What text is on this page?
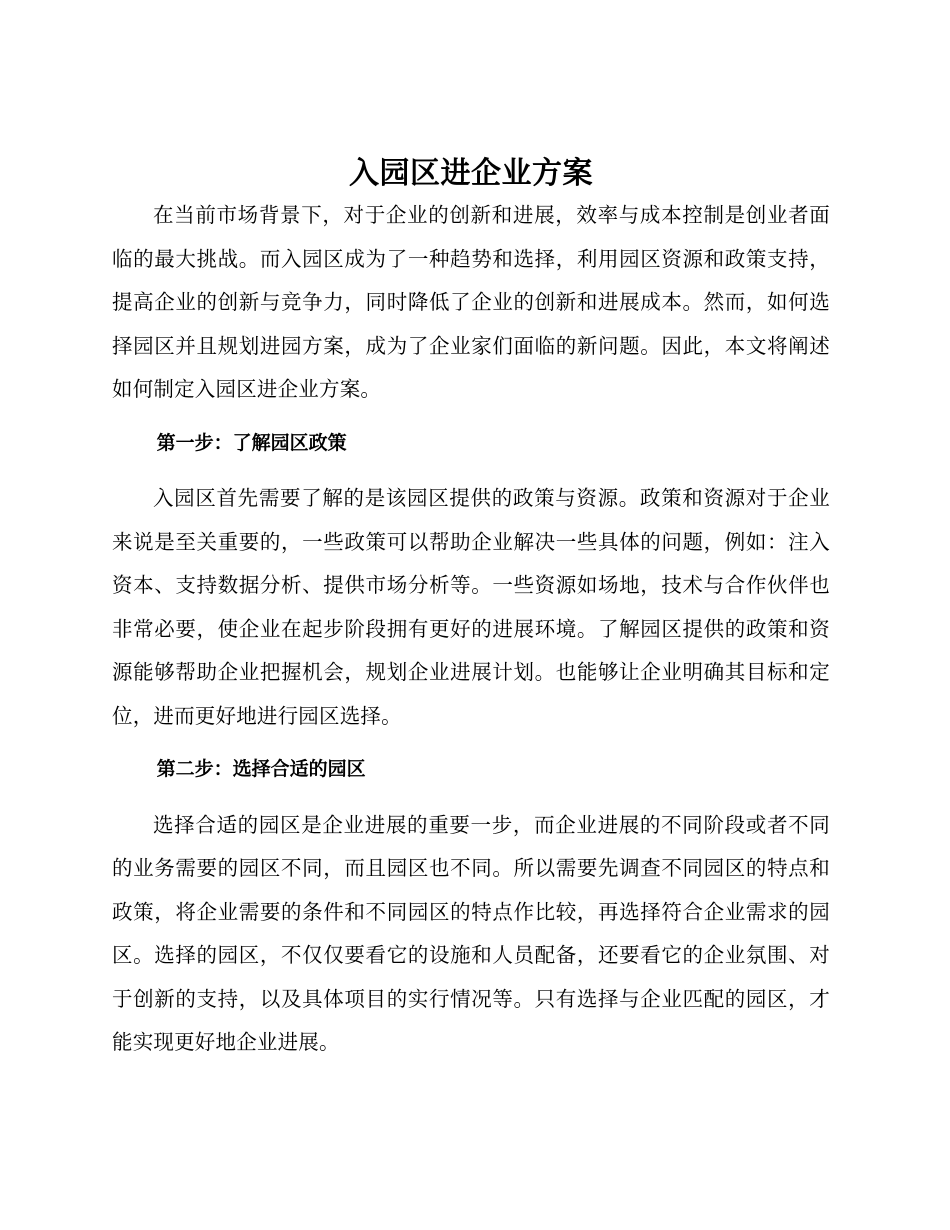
入园区进企业方案

在当前市场背景下，对于企业的创新和进展，效率与成本控制是创业者面临的最大挑战。而入园区成为了一种趋势和选择，利用园区资源和政策支持，提高企业的创新与竞争力，同时降低了企业的创新和进展成本。然而，如何选择园区并且规划进园方案，成为了企业家们面临的新问题。因此，本文将阐述如何制定入园区进企业方案。

第一步：了解园区政策

入园区首先需要了解的是该园区提供的政策与资源。政策和资源对于企业来说是至关重要的，一些政策可以帮助企业解决一些具体的问题，例如：注入资本、支持数据分析、提供市场分析等。一些资源如场地，技术与合作伙伴也非常必要，使企业在起步阶段拥有更好的进展环境。了解园区提供的政策和资源能够帮助企业把握机会，规划企业进展计划。也能够让企业明确其目标和定位，进而更好地进行园区选择。

第二步：选择合适的园区

选择合适的园区是企业进展的重要一步，而企业进展的不同阶段或者不同的业务需要的园区不同，而且园区也不同。所以需要先调查不同园区的特点和政策，将企业需要的条件和不同园区的特点作比较，再选择符合企业需求的园区。选择的园区，不仅仅要看它的设施和人员配备，还要看它的企业氛围、对于创新的支持，以及具体项目的实行情况等。只有选择与企业匹配的园区，才能实现更好地企业进展。
